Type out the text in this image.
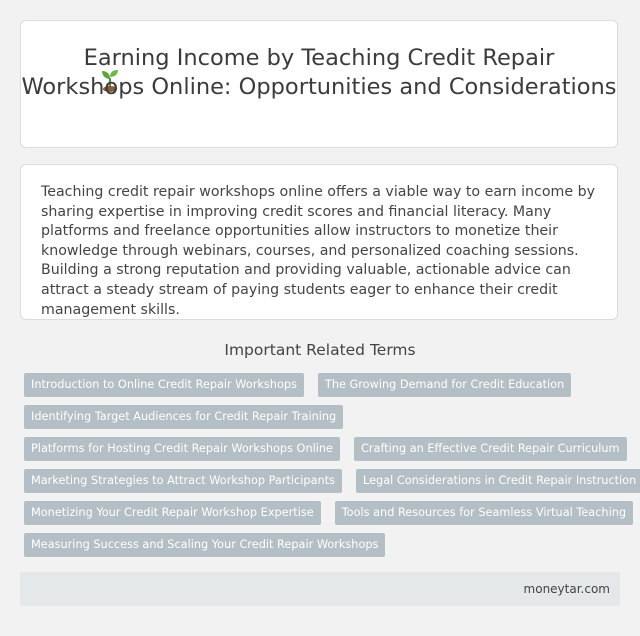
Earning Income by Teaching Credit Repair Workshops Online: Opportunities and Considerations

Teaching credit repair workshops online offers a viable way to earn income by sharing expertise in improving credit scores and financial literacy. Many platforms and freelance opportunities allow instructors to monetize their knowledge through webinars, courses, and personalized coaching sessions. Building a strong reputation and providing valuable, actionable advice can attract a steady stream of paying students eager to enhance their credit management skills.

Important Related Terms
Introduction to Online Credit Repair Workshops	The Growing Demand for Credit Education
Identifying Target Audiences for Credit Repair Training
Platforms for Hosting Credit Repair Workshops Online	Crafting an Effective Credit Repair Curriculum
Marketing Strategies to Attract Workshop Participants	Legal Considerations in Credit Repair Instruction
Monetizing Your Credit Repair Workshop Expertise	Tools and Resources for Seamless Virtual Teaching
Measuring Success and Scaling Your Credit Repair Workshops
moneytar.com
